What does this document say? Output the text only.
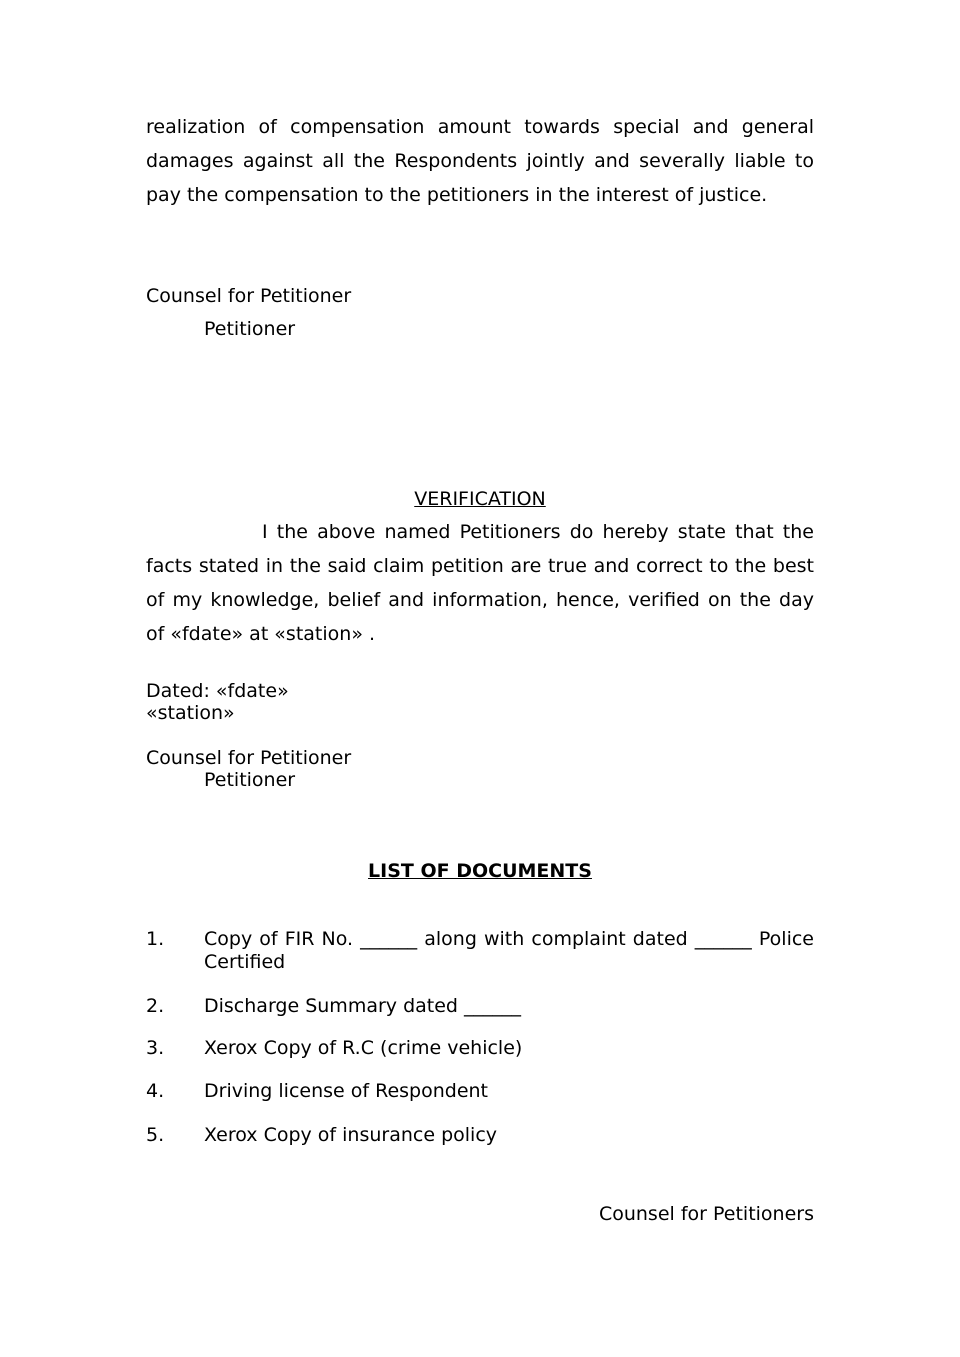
realization of compensation amount towards special and general damages against all the Respondents jointly and severally liable to pay the compensation to the petitioners in the interest of justice.

Counsel for Petitioner
Petitioner
VERIFICATION

I the above named Petitioners do hereby state that the facts stated in the said claim petition are true and correct to the best of my knowledge, belief and information, hence, verified on the day of «fdate» at «station» .

Dated: «fdate»
«station»
Counsel for Petitioner
Petitioner
LIST OF DOCUMENTS
1. Copy of FIR No. ______ along with complaint dated ______ Police Certified
2. Discharge Summary dated ______
3. Xerox Copy of R.C (crime vehicle)
4. Driving license of Respondent
5. Xerox Copy of insurance policy
Counsel for Petitioners
